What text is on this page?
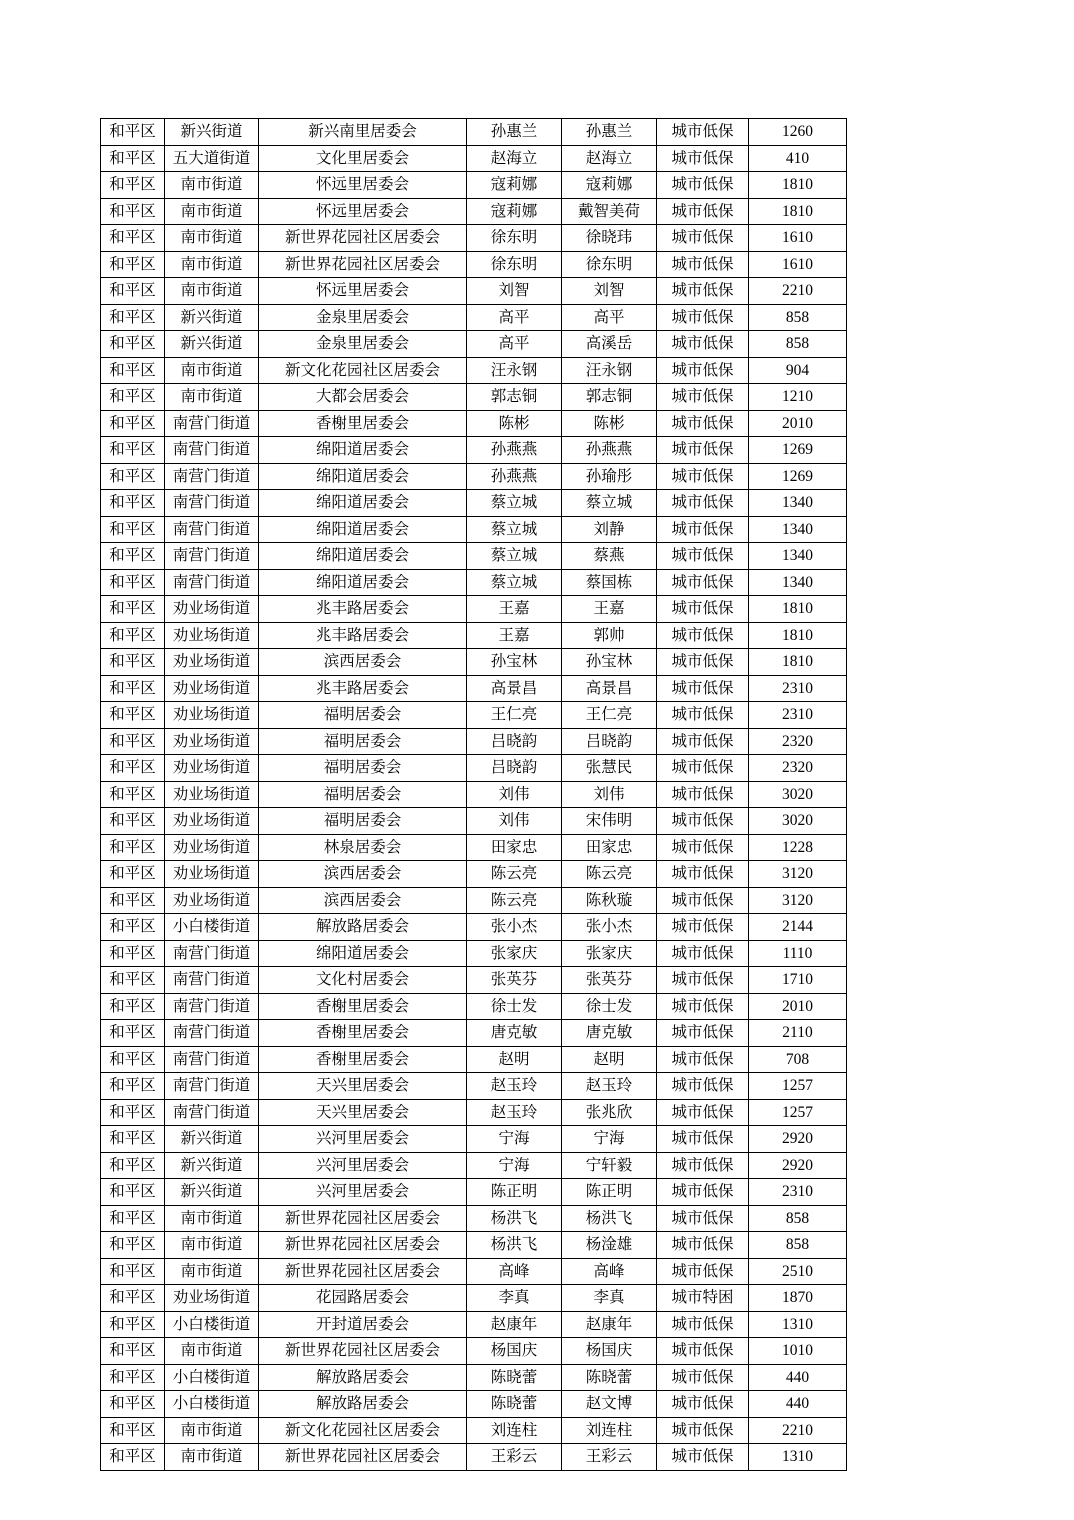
和平区	新兴街道	新兴南里居委会	孙惠兰	孙惠兰	城市低保	1260
和平区	五大道街道	文化里居委会	赵海立	赵海立	城市低保	410
和平区	南市街道	怀远里居委会	寇莉娜	寇莉娜	城市低保	1810
和平区	南市街道	怀远里居委会	寇莉娜	戴智美荷	城市低保	1810
和平区	南市街道	新世界花园社区居委会	徐东明	徐晓玮	城市低保	1610
和平区	南市街道	新世界花园社区居委会	徐东明	徐东明	城市低保	1610
和平区	南市街道	怀远里居委会	刘智	刘智	城市低保	2210
和平区	新兴街道	金泉里居委会	高平	高平	城市低保	858
和平区	新兴街道	金泉里居委会	高平	高溪岳	城市低保	858
和平区	南市街道	新文化花园社区居委会	汪永钢	汪永钢	城市低保	904
和平区	南市街道	大都会居委会	郭志铜	郭志铜	城市低保	1210
和平区	南营门街道	香榭里居委会	陈彬	陈彬	城市低保	2010
和平区	南营门街道	绵阳道居委会	孙燕燕	孙燕燕	城市低保	1269
和平区	南营门街道	绵阳道居委会	孙燕燕	孙瑜彤	城市低保	1269
和平区	南营门街道	绵阳道居委会	蔡立城	蔡立城	城市低保	1340
和平区	南营门街道	绵阳道居委会	蔡立城	刘静	城市低保	1340
和平区	南营门街道	绵阳道居委会	蔡立城	蔡燕	城市低保	1340
和平区	南营门街道	绵阳道居委会	蔡立城	蔡国栋	城市低保	1340
和平区	劝业场街道	兆丰路居委会	王嘉	王嘉	城市低保	1810
和平区	劝业场街道	兆丰路居委会	王嘉	郭帅	城市低保	1810
和平区	劝业场街道	滨西居委会	孙宝林	孙宝林	城市低保	1810
和平区	劝业场街道	兆丰路居委会	高景昌	高景昌	城市低保	2310
和平区	劝业场街道	福明居委会	王仁亮	王仁亮	城市低保	2310
和平区	劝业场街道	福明居委会	吕晓韵	吕晓韵	城市低保	2320
和平区	劝业场街道	福明居委会	吕晓韵	张慧民	城市低保	2320
和平区	劝业场街道	福明居委会	刘伟	刘伟	城市低保	3020
和平区	劝业场街道	福明居委会	刘伟	宋伟明	城市低保	3020
和平区	劝业场街道	林泉居委会	田家忠	田家忠	城市低保	1228
和平区	劝业场街道	滨西居委会	陈云亮	陈云亮	城市低保	3120
和平区	劝业场街道	滨西居委会	陈云亮	陈秋璇	城市低保	3120
和平区	小白楼街道	解放路居委会	张小杰	张小杰	城市低保	2144
和平区	南营门街道	绵阳道居委会	张家庆	张家庆	城市低保	1110
和平区	南营门街道	文化村居委会	张英芬	张英芬	城市低保	1710
和平区	南营门街道	香榭里居委会	徐士发	徐士发	城市低保	2010
和平区	南营门街道	香榭里居委会	唐克敏	唐克敏	城市低保	2110
和平区	南营门街道	香榭里居委会	赵明	赵明	城市低保	708
和平区	南营门街道	天兴里居委会	赵玉玲	赵玉玲	城市低保	1257
和平区	南营门街道	天兴里居委会	赵玉玲	张兆欣	城市低保	1257
和平区	新兴街道	兴河里居委会	宁海	宁海	城市低保	2920
和平区	新兴街道	兴河里居委会	宁海	宁轩毅	城市低保	2920
和平区	新兴街道	兴河里居委会	陈正明	陈正明	城市低保	2310
和平区	南市街道	新世界花园社区居委会	杨洪飞	杨洪飞	城市低保	858
和平区	南市街道	新世界花园社区居委会	杨洪飞	杨淦雄	城市低保	858
和平区	南市街道	新世界花园社区居委会	高峰	高峰	城市低保	2510
和平区	劝业场街道	花园路居委会	李真	李真	城市特困	1870
和平区	小白楼街道	开封道居委会	赵康年	赵康年	城市低保	1310
和平区	南市街道	新世界花园社区居委会	杨国庆	杨国庆	城市低保	1010
和平区	小白楼街道	解放路居委会	陈晓蕾	陈晓蕾	城市低保	440
和平区	小白楼街道	解放路居委会	陈晓蕾	赵文博	城市低保	440
和平区	南市街道	新文化花园社区居委会	刘连柱	刘连柱	城市低保	2210
和平区	南市街道	新世界花园社区居委会	王彩云	王彩云	城市低保	1310
